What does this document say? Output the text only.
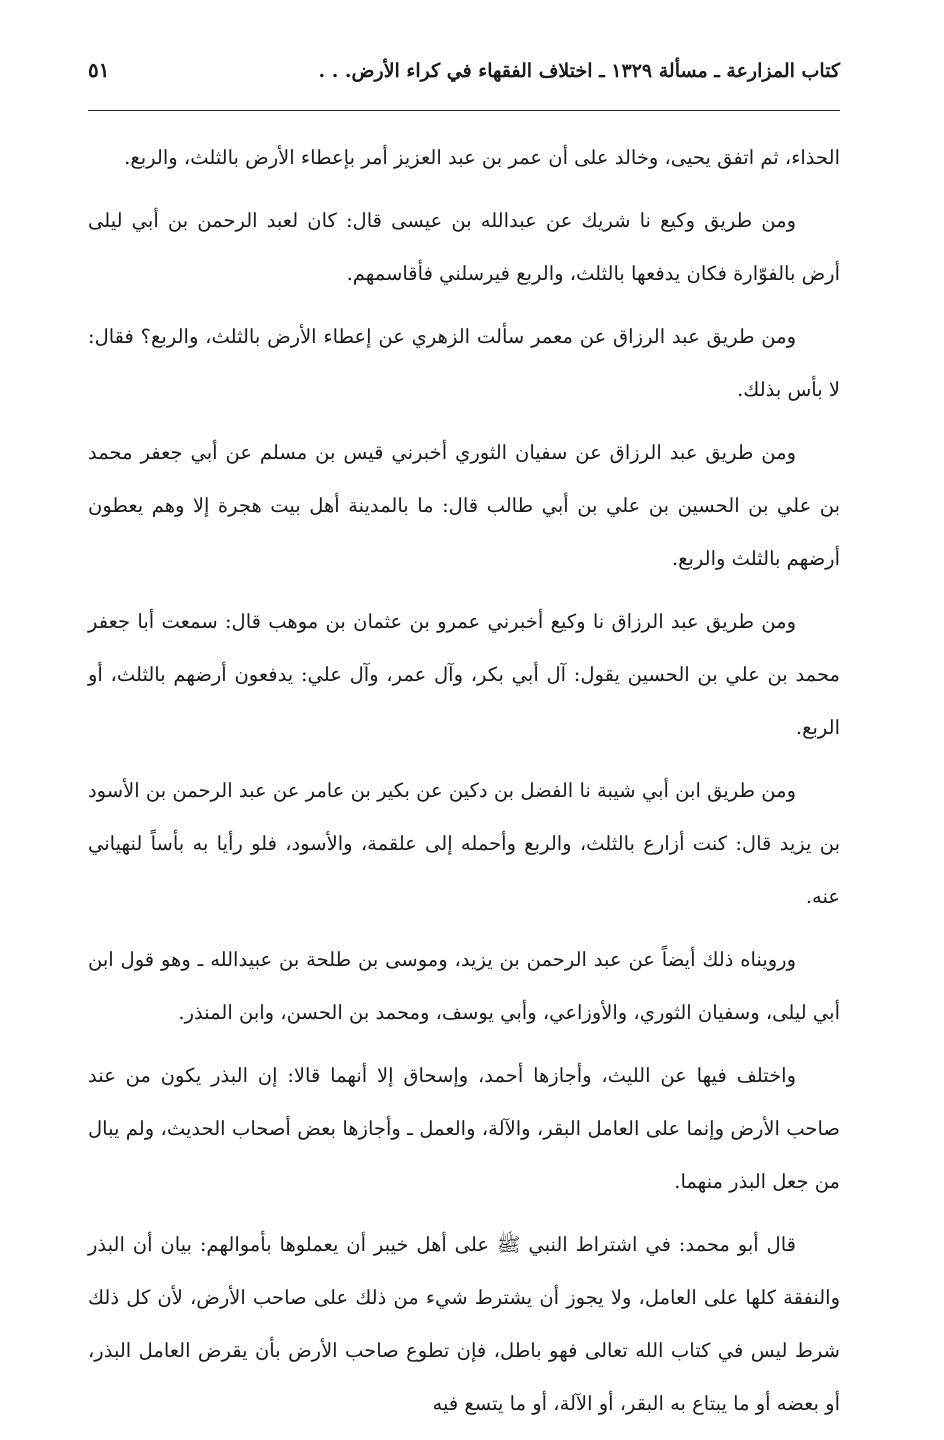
كتاب المزارعة ـ مسألة ١٣٢٩ ـ اختلاف الفقهاء في كراء الأرض. . .
٥١

الحذاء، ثم اتفق يحيى، وخالد على أن عمر بن عبد العزيز أمر بإعطاء الأرض بالثلث، والربع.

ومن طريق وكيع نا شريك عن عبدالله بن عيسى قال: كان لعبد الرحمن بن أبي ليلى أرض بالفوّارة فكان يدفعها بالثلث، والربع فيرسلني فأقاسمهم.

ومن طريق عبد الرزاق عن معمر سألت الزهري عن إعطاء الأرض بالثلث، والربع؟ فقال: لا بأس بذلك.

ومن طريق عبد الرزاق عن سفيان الثوري أخبرني قيس بن مسلم عن أبي جعفر محمد بن علي بن الحسين بن علي بن أبي طالب قال: ما بالمدينة أهل بيت هجرة إلا وهم يعطون أرضهم بالثلث والربع.

ومن طريق عبد الرزاق نا وكيع أخبرني عمرو بن عثمان بن موهب قال: سمعت أبا جعفر محمد بن علي بن الحسين يقول: آل أبي بكر، وآل عمر، وآل علي: يدفعون أرضهم بالثلث، أو الربع.

ومن طريق ابن أبي شيبة نا الفضل بن دكين عن بكير بن عامر عن عبد الرحمن بن الأسود بن يزيد قال: كنت أزارع بالثلث، والربع وأحمله إلى علقمة، والأسود، فلو رأيا به بأساً لنهياني عنه.

ورويناه ذلك أيضاً عن عبد الرحمن بن يزيد، وموسى بن طلحة بن عبيدالله ـ وهو قول ابن أبي ليلى، وسفيان الثوري، والأوزاعي، وأبي يوسف، ومحمد بن الحسن، وابن المنذر.

واختلف فيها عن الليث، وأجازها أحمد، وإسحاق إلا أنهما قالا: إن البذر يكون من عند صاحب الأرض وإنما على العامل البقر، والآلة، والعمل ـ وأجازها بعض أصحاب الحديث، ولم يبال من جعل البذر منهما.

قال أبو محمد: في اشتراط النبي ﷺ على أهل خيبر أن يعملوها بأموالهم: بيان أن البذر والنفقة كلها على العامل، ولا يجوز أن يشترط شيء من ذلك على صاحب الأرض، لأن كل ذلك شرط ليس في كتاب الله تعالى فهو باطل، فإن تطوع صاحب الأرض بأن يقرض العامل البذر، أو بعضه أو ما يبتاع به البقر، أو الآلة، أو ما يتسع فيه
